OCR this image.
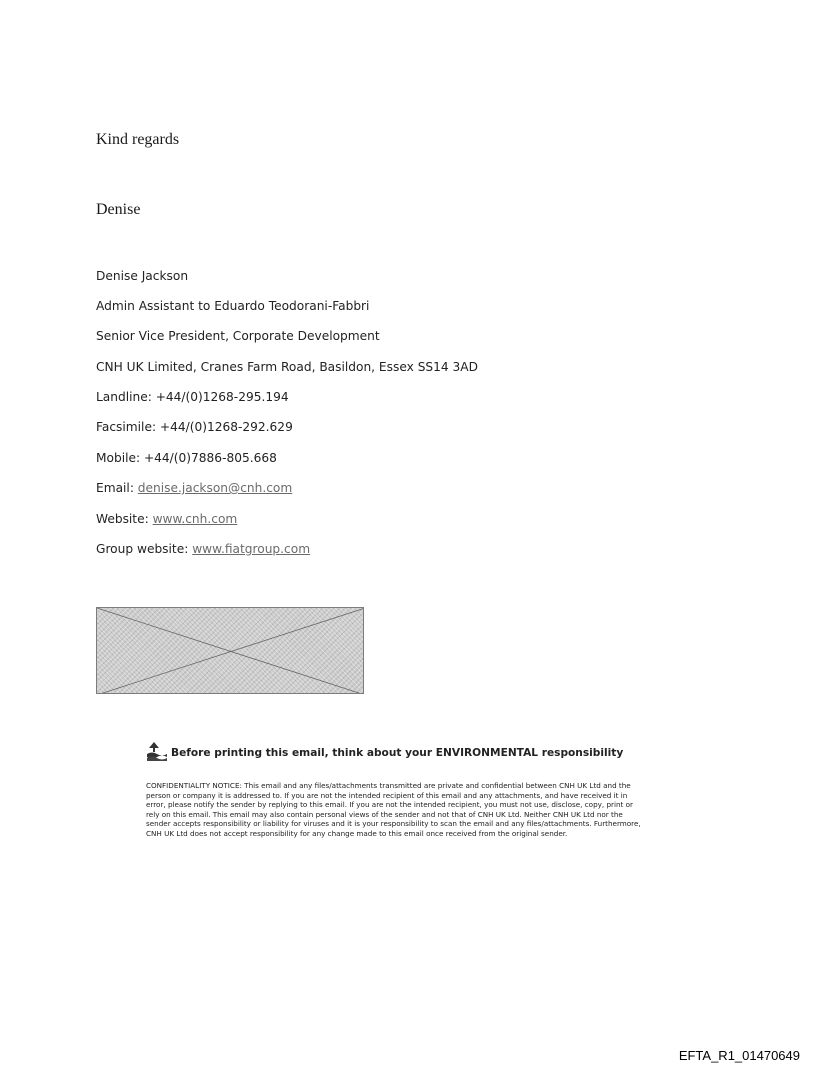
Kind regards
Denise
Denise Jackson
Admin Assistant to Eduardo Teodorani-Fabbri
Senior Vice President, Corporate Development
CNH UK Limited, Cranes Farm Road, Basildon, Essex SS14 3AD
Landline: +44/(0)1268-295.194
Facsimile: +44/(0)1268-292.629
Mobile: +44/(0)7886-805.668
Email: denise.jackson@cnh.com
Website: www.cnh.com
Group website: www.fiatgroup.com
Before printing this email, think about your ENVIRONMENTAL responsibility
CONFIDENTIALITY NOTICE: This email and any files/attachments transmitted are private and confidential between CNH UK Ltd and the
person or company it is addressed to. If you are not the intended recipient of this email and any attachments, and have received it in
error, please notify the sender by replying to this email. If you are not the intended recipient, you must not use, disclose, copy, print or
rely on this email. This email may also contain personal views of the sender and not that of CNH UK Ltd. Neither CNH UK Ltd nor the
sender accepts responsibility or liability for viruses and it is your responsibility to scan the email and any files/attachments. Furthermore,
CNH UK Ltd does not accept responsibility for any change made to this email once received from the original sender.
EFTA_R1_01470649
